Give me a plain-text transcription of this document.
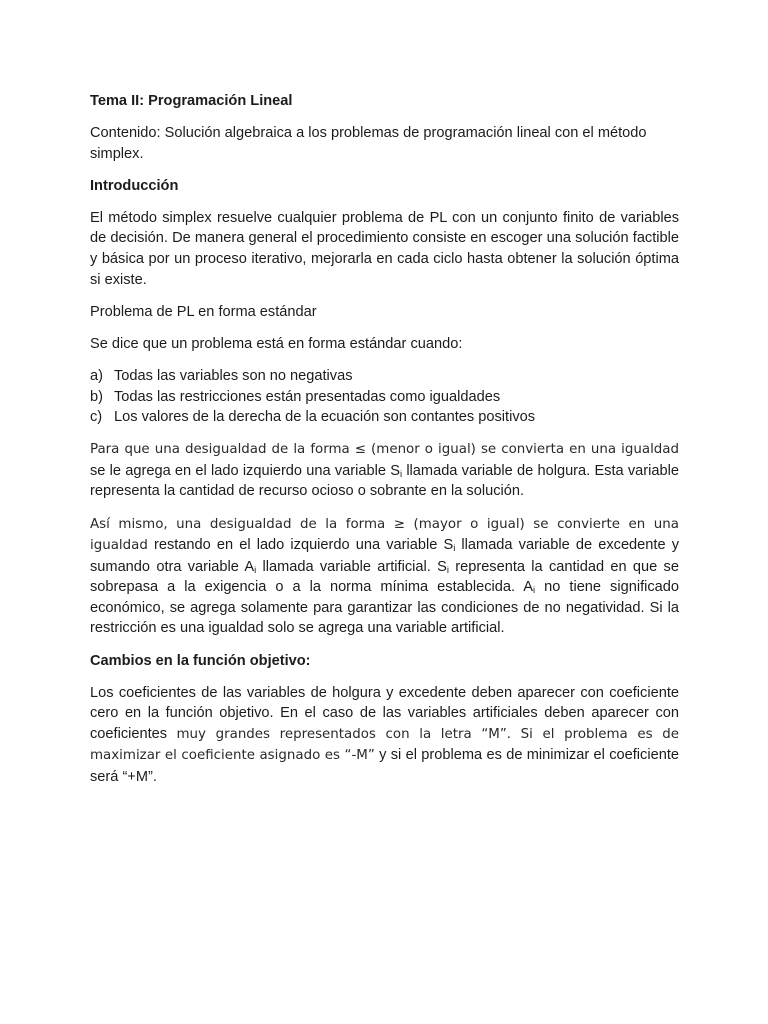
Tema II: Programación Lineal

Contenido: Solución algebraica a los problemas de programación lineal con el método simplex.

Introducción

El método simplex resuelve cualquier problema de PL con un conjunto finito de variables de decisión. De manera general el procedimiento consiste en escoger una solución factible y básica por un proceso iterativo, mejorarla en cada ciclo hasta obtener la solución óptima si existe.

Problema de PL en forma estándar

Se dice que un problema está en forma estándar cuando:

a) Todas las variables son no negativas
b) Todas las restricciones están presentadas como igualdades
c) Los valores de la derecha de la ecuación son contantes positivos

Para que una desigualdad de la forma ≤ (menor o igual) se convierta en una igualdad se le agrega en el lado izquierdo una variable $S_i$ llamada variable de holgura. Esta variable representa la cantidad de recurso ocioso o sobrante en la solución.

Así mismo, una desigualdad de la forma ≥ (mayor o igual) se convierte en una igualdad restando en el lado izquierdo una variable $S_i$ llamada variable de excedente y sumando otra variable $A_i$ llamada variable artificial. $S_i$ representa la cantidad en que se sobrepasa a la exigencia o a la norma mínima establecida. $A_i$ no tiene significado económico, se agrega solamente para garantizar las condiciones de no negatividad. Si la restricción es una igualdad solo se agrega una variable artificial.

Cambios en la función objetivo:

Los coeficientes de las variables de holgura y excedente deben aparecer con coeficiente cero en la función objetivo. En el caso de las variables artificiales deben aparecer con coeficientes muy grandes representados con la letra “M”. Si el problema es de maximizar el coeficiente asignado es “-M” y si el problema es de minimizar el coeficiente será “+M”.
